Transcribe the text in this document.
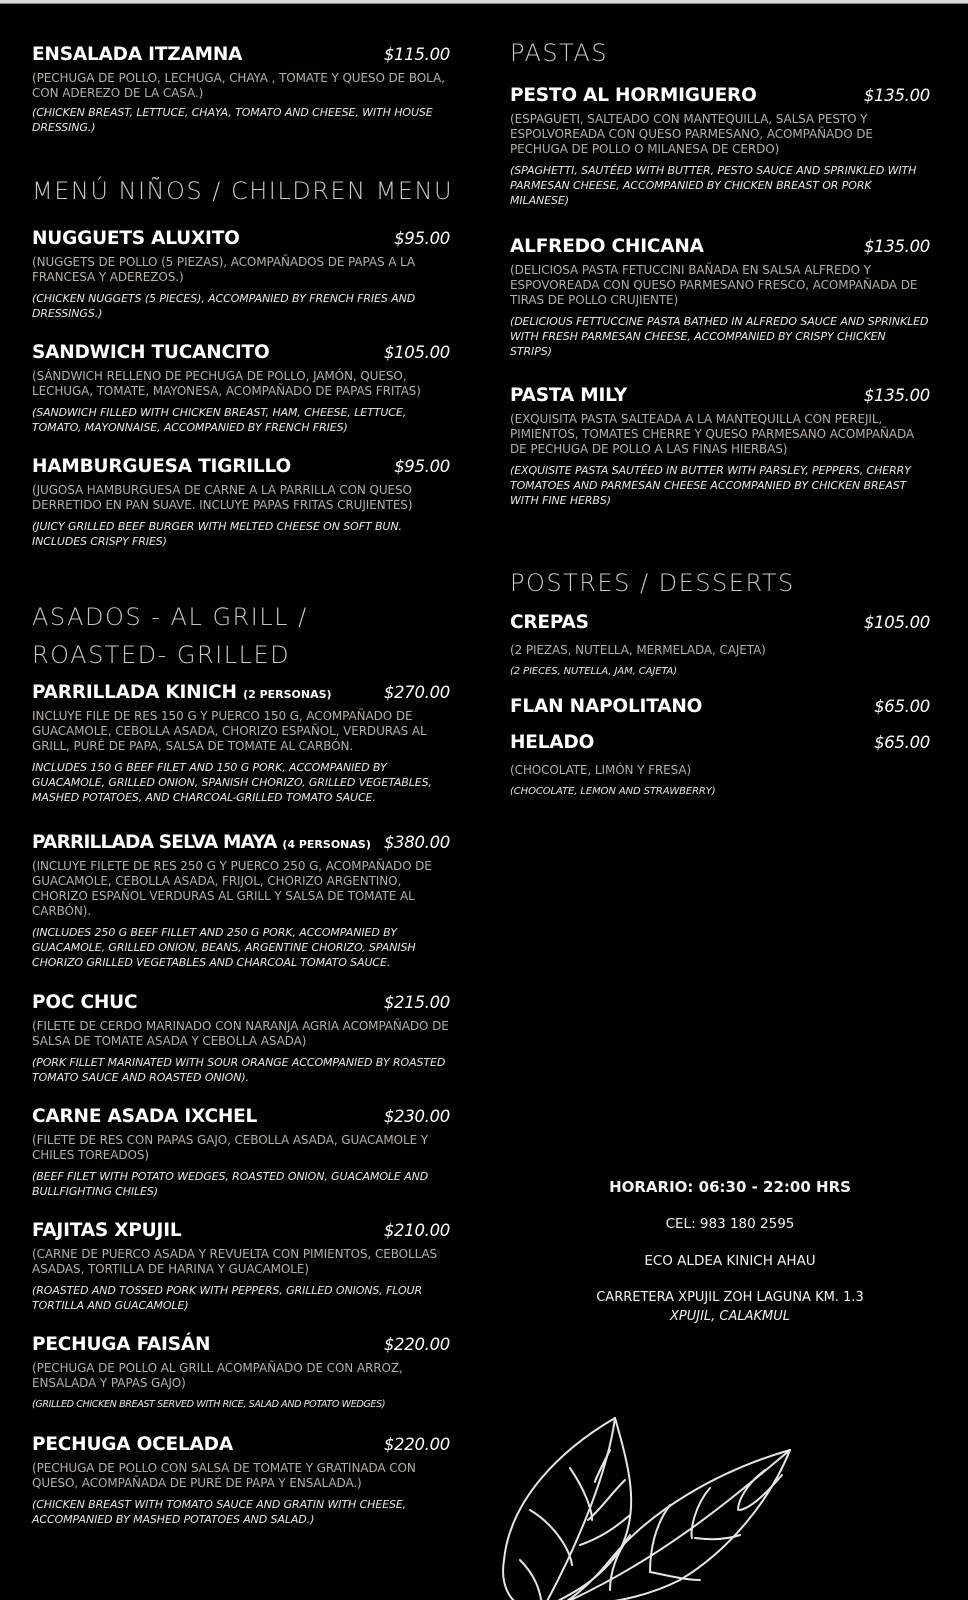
ENSALADA ITZAMNA	$115.00
(PECHUGA DE POLLO, LECHUGA, CHAYA , TOMATE Y QUESO DE BOLA, CON ADEREZO DE LA CASA.)
(CHICKEN BREAST, LETTUCE, CHAYA, TOMATO AND CHEESE, WITH HOUSE DRESSING.)
MENÚ NIÑOS / CHILDREN MENU
NUGGUETS ALUXITO	$95.00
(NUGGETS DE POLLO (5 PIEZAS), ACOMPAÑADOS DE PAPAS A LA FRANCESA Y ADEREZOS.)
(CHICKEN NUGGETS (5 PIECES), ACCOMPANIED BY FRENCH FRIES AND DRESSINGS.)
SANDWICH TUCANCITO	$105.00
(SÁNDWICH RELLENO DE PECHUGA DE POLLO, JAMÓN, QUESO, LECHUGA, TOMATE, MAYONESA, ACOMPAÑADO DE PAPAS FRITAS)
(SANDWICH FILLED WITH CHICKEN BREAST, HAM, CHEESE, LETTUCE, TOMATO, MAYONNAISE, ACCOMPANIED BY FRENCH FRIES)
HAMBURGUESA TIGRILLO	$95.00
(JUGOSA HAMBURGUESA DE CARNE A LA PARRILLA CON QUESO DERRETIDO EN PAN SUAVE. INCLUYE PAPAS FRITAS CRUJIENTES)
(JUICY GRILLED BEEF BURGER WITH MELTED CHEESE ON SOFT BUN. INCLUDES CRISPY FRIES)
ASADOS - AL GRILL /
ROASTED- GRILLED
PARRILLADA KINICH (2 PERSONAS)	$270.00
INCLUYE FILE DE RES 150 G Y PUERCO 150 G, ACOMPAÑADO DE GUACAMOLE, CEBOLLA ASADA, CHORIZO ESPAÑOL, VERDURAS AL GRILL, PURÉ DE PAPA, SALSA DE TOMATE AL CARBÓN.
INCLUDES 150 G BEEF FILET AND 150 G PORK, ACCOMPANIED BY GUACAMOLE, GRILLED ONION, SPANISH CHORIZO, GRILLED VEGETABLES, MASHED POTATOES, AND CHARCOAL-GRILLED TOMATO SAUCE.
PARRILLADA SELVA MAYA (4 PERSONAS) $380.00
(INCLUYE FILETE DE RES 250 G Y PUERCO 250 G, ACOMPAÑADO DE GUACAMOLE, CEBOLLA ASADA, FRIJOL, CHORIZO ARGENTINO, CHORIZO ESPAÑOL VERDURAS AL GRILL Y SALSA DE TOMATE AL CARBÓN).
(INCLUDES 250 G BEEF FILLET AND 250 G PORK, ACCOMPANIED BY GUACAMOLE, GRILLED ONION, BEANS, ARGENTINE CHORIZO, SPANISH CHORIZO GRILLED VEGETABLES AND CHARCOAL TOMATO SAUCE.
POC CHUC	$215.00
(FILETE DE CERDO MARINADO CON NARANJA AGRIA ACOMPAÑADO DE SALSA DE TOMATE ASADA Y CEBOLLA ASADA)
(PORK FILLET MARINATED WITH SOUR ORANGE ACCOMPANIED BY ROASTED TOMATO SAUCE AND ROASTED ONION).
CARNE ASADA IXCHEL	$230.00
(FILETE DE RES CON PAPAS GAJO, CEBOLLA ASADA, GUACAMOLE Y CHILES TOREADOS)
(BEEF FILET WITH POTATO WEDGES, ROASTED ONION, GUACAMOLE AND BULLFIGHTING CHILES)
FAJITAS XPUJIL	$210.00
(CARNE DE PUERCO ASADA Y REVUELTA CON PIMIENTOS, CEBOLLAS ASADAS, TORTILLA DE HARINA Y GUACAMOLE)
(ROASTED AND TOSSED PORK WITH PEPPERS, GRILLED ONIONS, FLOUR TORTILLA AND GUACAMOLE)
PECHUGA FAISÁN	$220.00
(PECHUGA DE POLLO AL GRILL ACOMPAÑADO DE CON ARROZ, ENSALADA Y PAPAS GAJO)
(GRILLED CHICKEN BREAST SERVED WITH RICE, SALAD AND POTATO WEDGES)
PECHUGA OCELADA	$220.00
(PECHUGA DE POLLO CON SALSA DE TOMATE Y GRATINADA CON QUESO, ACOMPAÑADA DE PURÉ DE PAPA Y ENSALADA.)
(CHICKEN BREAST WITH TOMATO SAUCE AND GRATIN WITH CHEESE, ACCOMPANIED BY MASHED POTATOES AND SALAD.)
PASTAS
PESTO AL HORMIGUERO	$135.00
(ESPAGUETI, SALTEADO CON MANTEQUILLA, SALSA PESTO Y ESPOLVOREADA CON QUESO PARMESANO, ACOMPAÑADO DE PECHUGA DE POLLO O MILANESA DE CERDO)
(SPAGHETTI, SAUTÉED WITH BUTTER, PESTO SAUCE AND SPRINKLED WITH PARMESAN CHEESE, ACCOMPANIED BY CHICKEN BREAST OR PORK MILANESE)
ALFREDO CHICANA	$135.00
(DELICIOSA PASTA FETUCCINI BAÑADA EN SALSA ALFREDO Y ESPOVOREADA CON QUESO PARMESANO FRESCO, ACOMPAÑADA DE TIRAS DE POLLO CRUJIENTE)
(DELICIOUS FETTUCCINE PASTA BATHED IN ALFREDO SAUCE AND SPRINKLED WITH FRESH PARMESAN CHEESE, ACCOMPANIED BY CRISPY CHICKEN STRIPS)
PASTA MILY	$135.00
(EXQUISITA PASTA SALTEADA A LA MANTEQUILLA CON PEREJIL, PIMIENTOS, TOMATES CHERRE Y QUESO PARMESANO ACOMPAÑADA DE PECHUGA DE POLLO A LAS FINAS HIERBAS)
(EXQUISITE PASTA SAUTÉED IN BUTTER WITH PARSLEY, PEPPERS, CHERRY TOMATOES AND PARMESAN CHEESE ACCOMPANIED BY CHICKEN BREAST WITH FINE HERBS)
POSTRES / DESSERTS
CREPAS	$105.00
(2 PIEZAS, NUTELLA, MERMELADA, CAJETA)
(2 PIECES, NUTELLA, JAM, CAJETA)
FLAN NAPOLITANO	$65.00
HELADO	$65.00
(CHOCOLATE, LIMÓN Y FRESA)
(CHOCOLATE, LEMON AND STRAWBERRY)
HORARIO: 06:30 - 22:00 HRS
CEL: 983 180 2595
ECO ALDEA KINICH AHAU
CARRETERA XPUJIL ZOH LAGUNA KM. 1.3
XPUJIL, CALAKMUL
